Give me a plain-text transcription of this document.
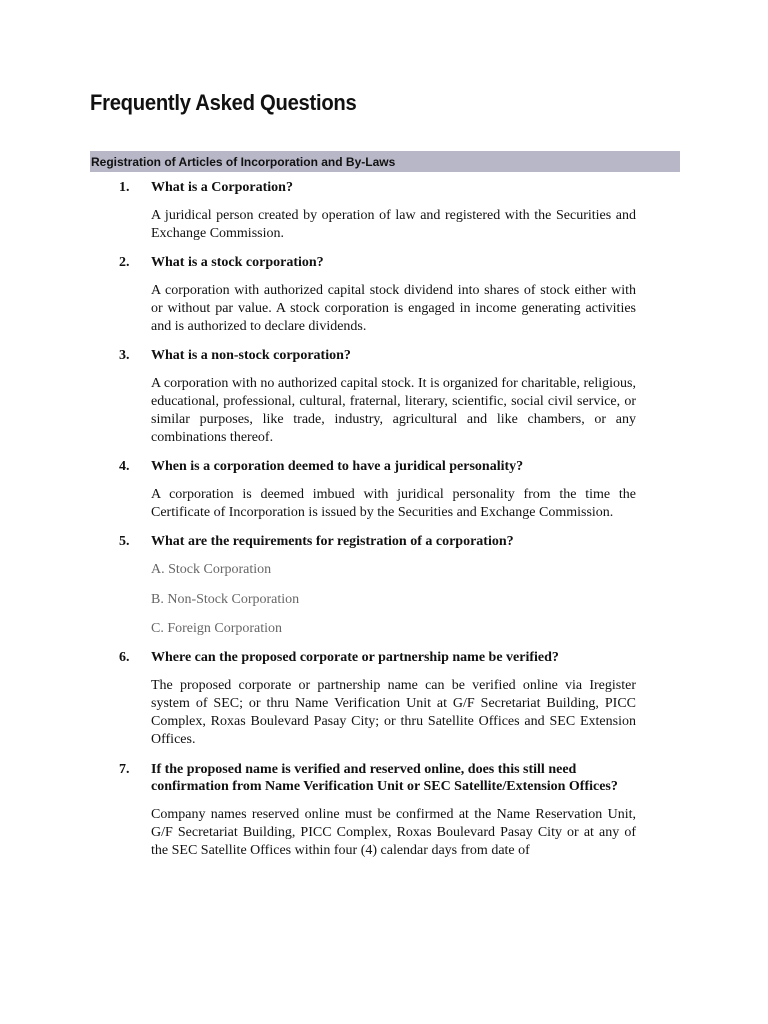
Frequently Asked Questions
Registration of Articles of Incorporation and By-Laws
1.	What is a Corporation?
A juridical person created by operation of law and registered with the Securities and Exchange Commission.
2.	What is a stock corporation?
A corporation with authorized capital stock dividend into shares of stock either with or without par value. A stock corporation is engaged in income generating activities and is authorized to declare dividends.
3.	What is a non-stock corporation?
A corporation with no authorized capital stock. It is organized for charitable, religious, educational, professional, cultural, fraternal, literary, scientific, social civil service, or similar purposes, like trade, industry, agricultural and like chambers, or any combinations thereof.
4.	When is a corporation deemed to have a juridical personality?
A corporation is deemed imbued with juridical personality from the time the Certificate of Incorporation is issued by the Securities and Exchange Commission.
5.	What are the requirements for registration of a corporation?
A. Stock Corporation
B. Non-Stock Corporation
C. Foreign Corporation
6.	Where can the proposed corporate or partnership name be verified?
The proposed corporate or partnership name can be verified online via Iregister system of SEC; or thru Name Verification Unit at G/F Secretariat Building, PICC Complex, Roxas Boulevard Pasay City; or thru Satellite Offices and SEC Extension Offices.
7.	If the proposed name is verified and reserved online, does this still need confirmation from Name Verification Unit or SEC Satellite/Extension Offices?
Company names reserved online must be confirmed at the Name Reservation Unit, G/F Secretariat Building, PICC Complex, Roxas Boulevard Pasay City or at any of the SEC Satellite Offices within four (4) calendar days from date of
